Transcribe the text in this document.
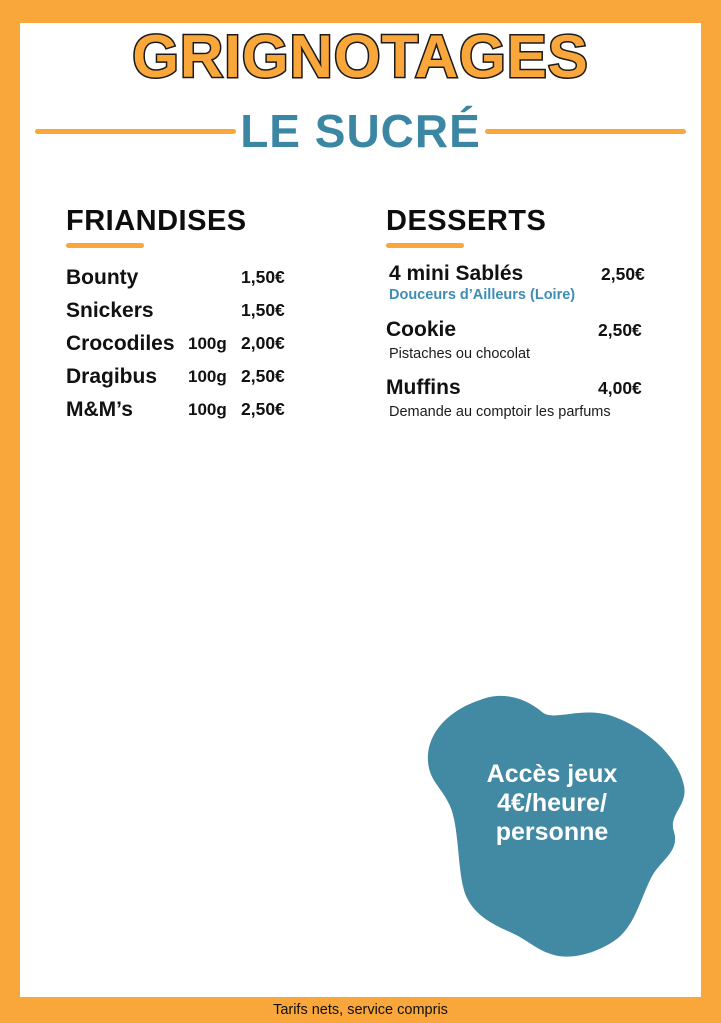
GRIGNOTAGES
LE SUCRÉ
FRIANDISES
Bounty	1,50€
Snickers	1,50€
Crocodiles 100g 2,00€
Dragibus	100g 2,50€
M&M’s	100g 2,50€
DESSERTS
4 mini Sablés	2,50€
Douceurs d’Ailleurs (Loire)
Cookie	2,50€
Pistaches ou chocolat
Muffins	4,00€
Demande au comptoir les parfums
Accès jeux
4€/heure/
personne
Tarifs nets, service compris
